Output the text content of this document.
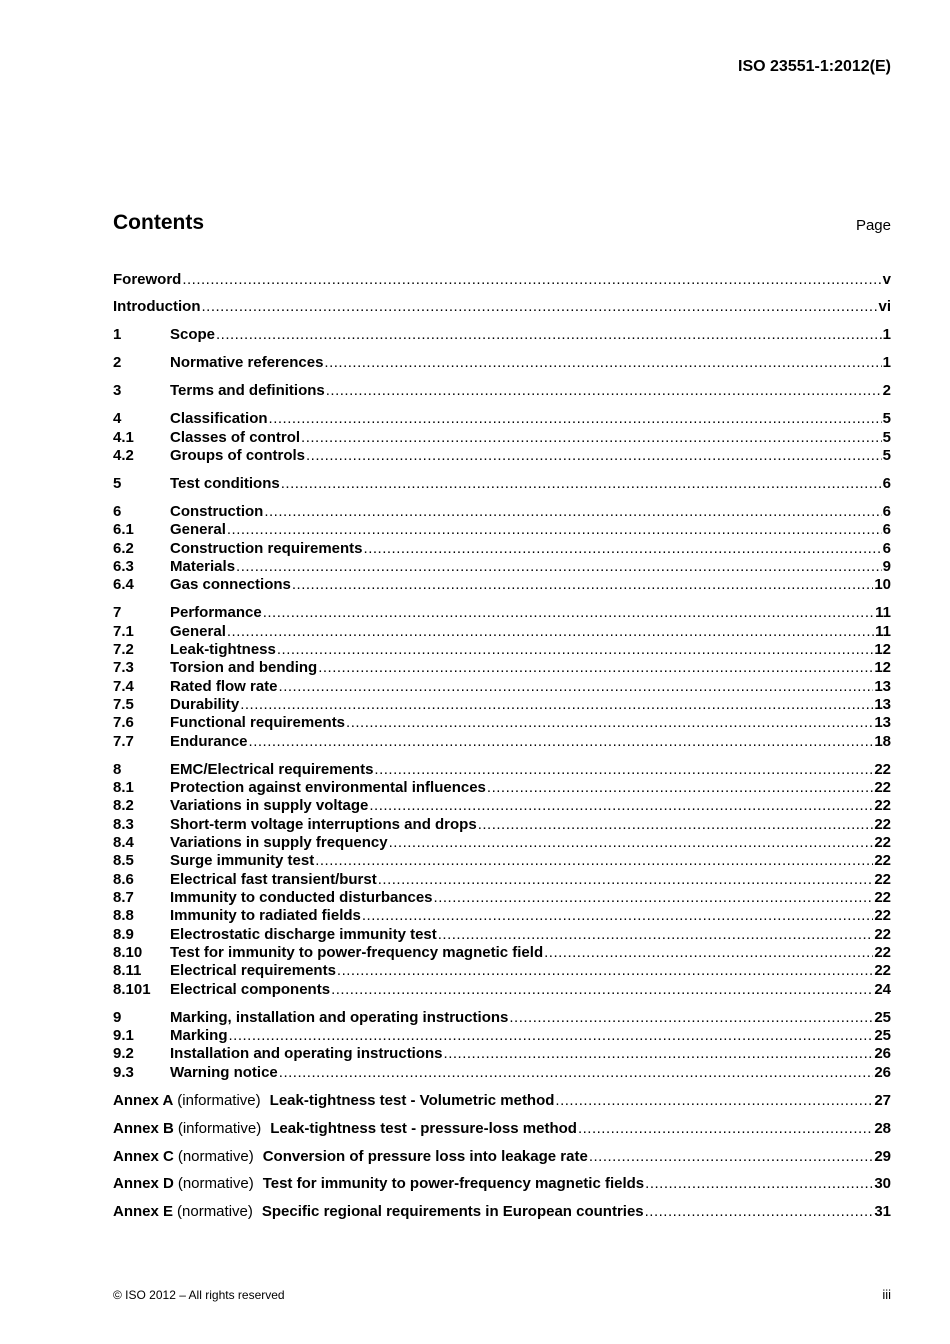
ISO 23551-1:2012(E)
Contents	Page
Foreword .....	v
Introduction .....	vi
1	Scope .....	1
2	Normative references .....	1
3	Terms and definitions .....	2
4	Classification .....	5
4.1	Classes of control .....	5
4.2	Groups of controls .....	5
5	Test conditions .....	6
6	Construction .....	6
6.1	General .....	6
6.2	Construction requirements .....	6
6.3	Materials .....	9
6.4	Gas connections .....	10
7	Performance .....	11
7.1	General .....	11
7.2	Leak-tightness .....	12
7.3	Torsion and bending .....	12
7.4	Rated flow rate .....	13
7.5	Durability .....	13
7.6	Functional requirements .....	13
7.7	Endurance .....	18
8	EMC/Electrical requirements .....	22
8.1	Protection against environmental influences .....	22
8.2	Variations in supply voltage .....	22
8.3	Short-term voltage interruptions and drops .....	22
8.4	Variations in supply frequency .....	22
8.5	Surge immunity test .....	22
8.6	Electrical fast transient/burst .....	22
8.7	Immunity to conducted disturbances .....	22
8.8	Immunity to radiated fields .....	22
8.9	Electrostatic discharge immunity test .....	22
8.10	Test for immunity to power-frequency magnetic field .....	22
8.11	Electrical requirements .....	22
8.101	Electrical components .....	24
9	Marking, installation and operating instructions .....	25
9.1	Marking .....	25
9.2	Installation and operating instructions .....	26
9.3	Warning notice .....	26
Annex A (informative) Leak-tightness test - Volumetric method .....	27
Annex B (informative) Leak-tightness test - pressure-loss method .....	28
Annex C (normative) Conversion of pressure loss into leakage rate .....	29
Annex D (normative) Test for immunity to power-frequency magnetic fields .....	30
Annex E (normative) Specific regional requirements in European countries .....	31
© ISO 2012 – All rights reserved	iii
